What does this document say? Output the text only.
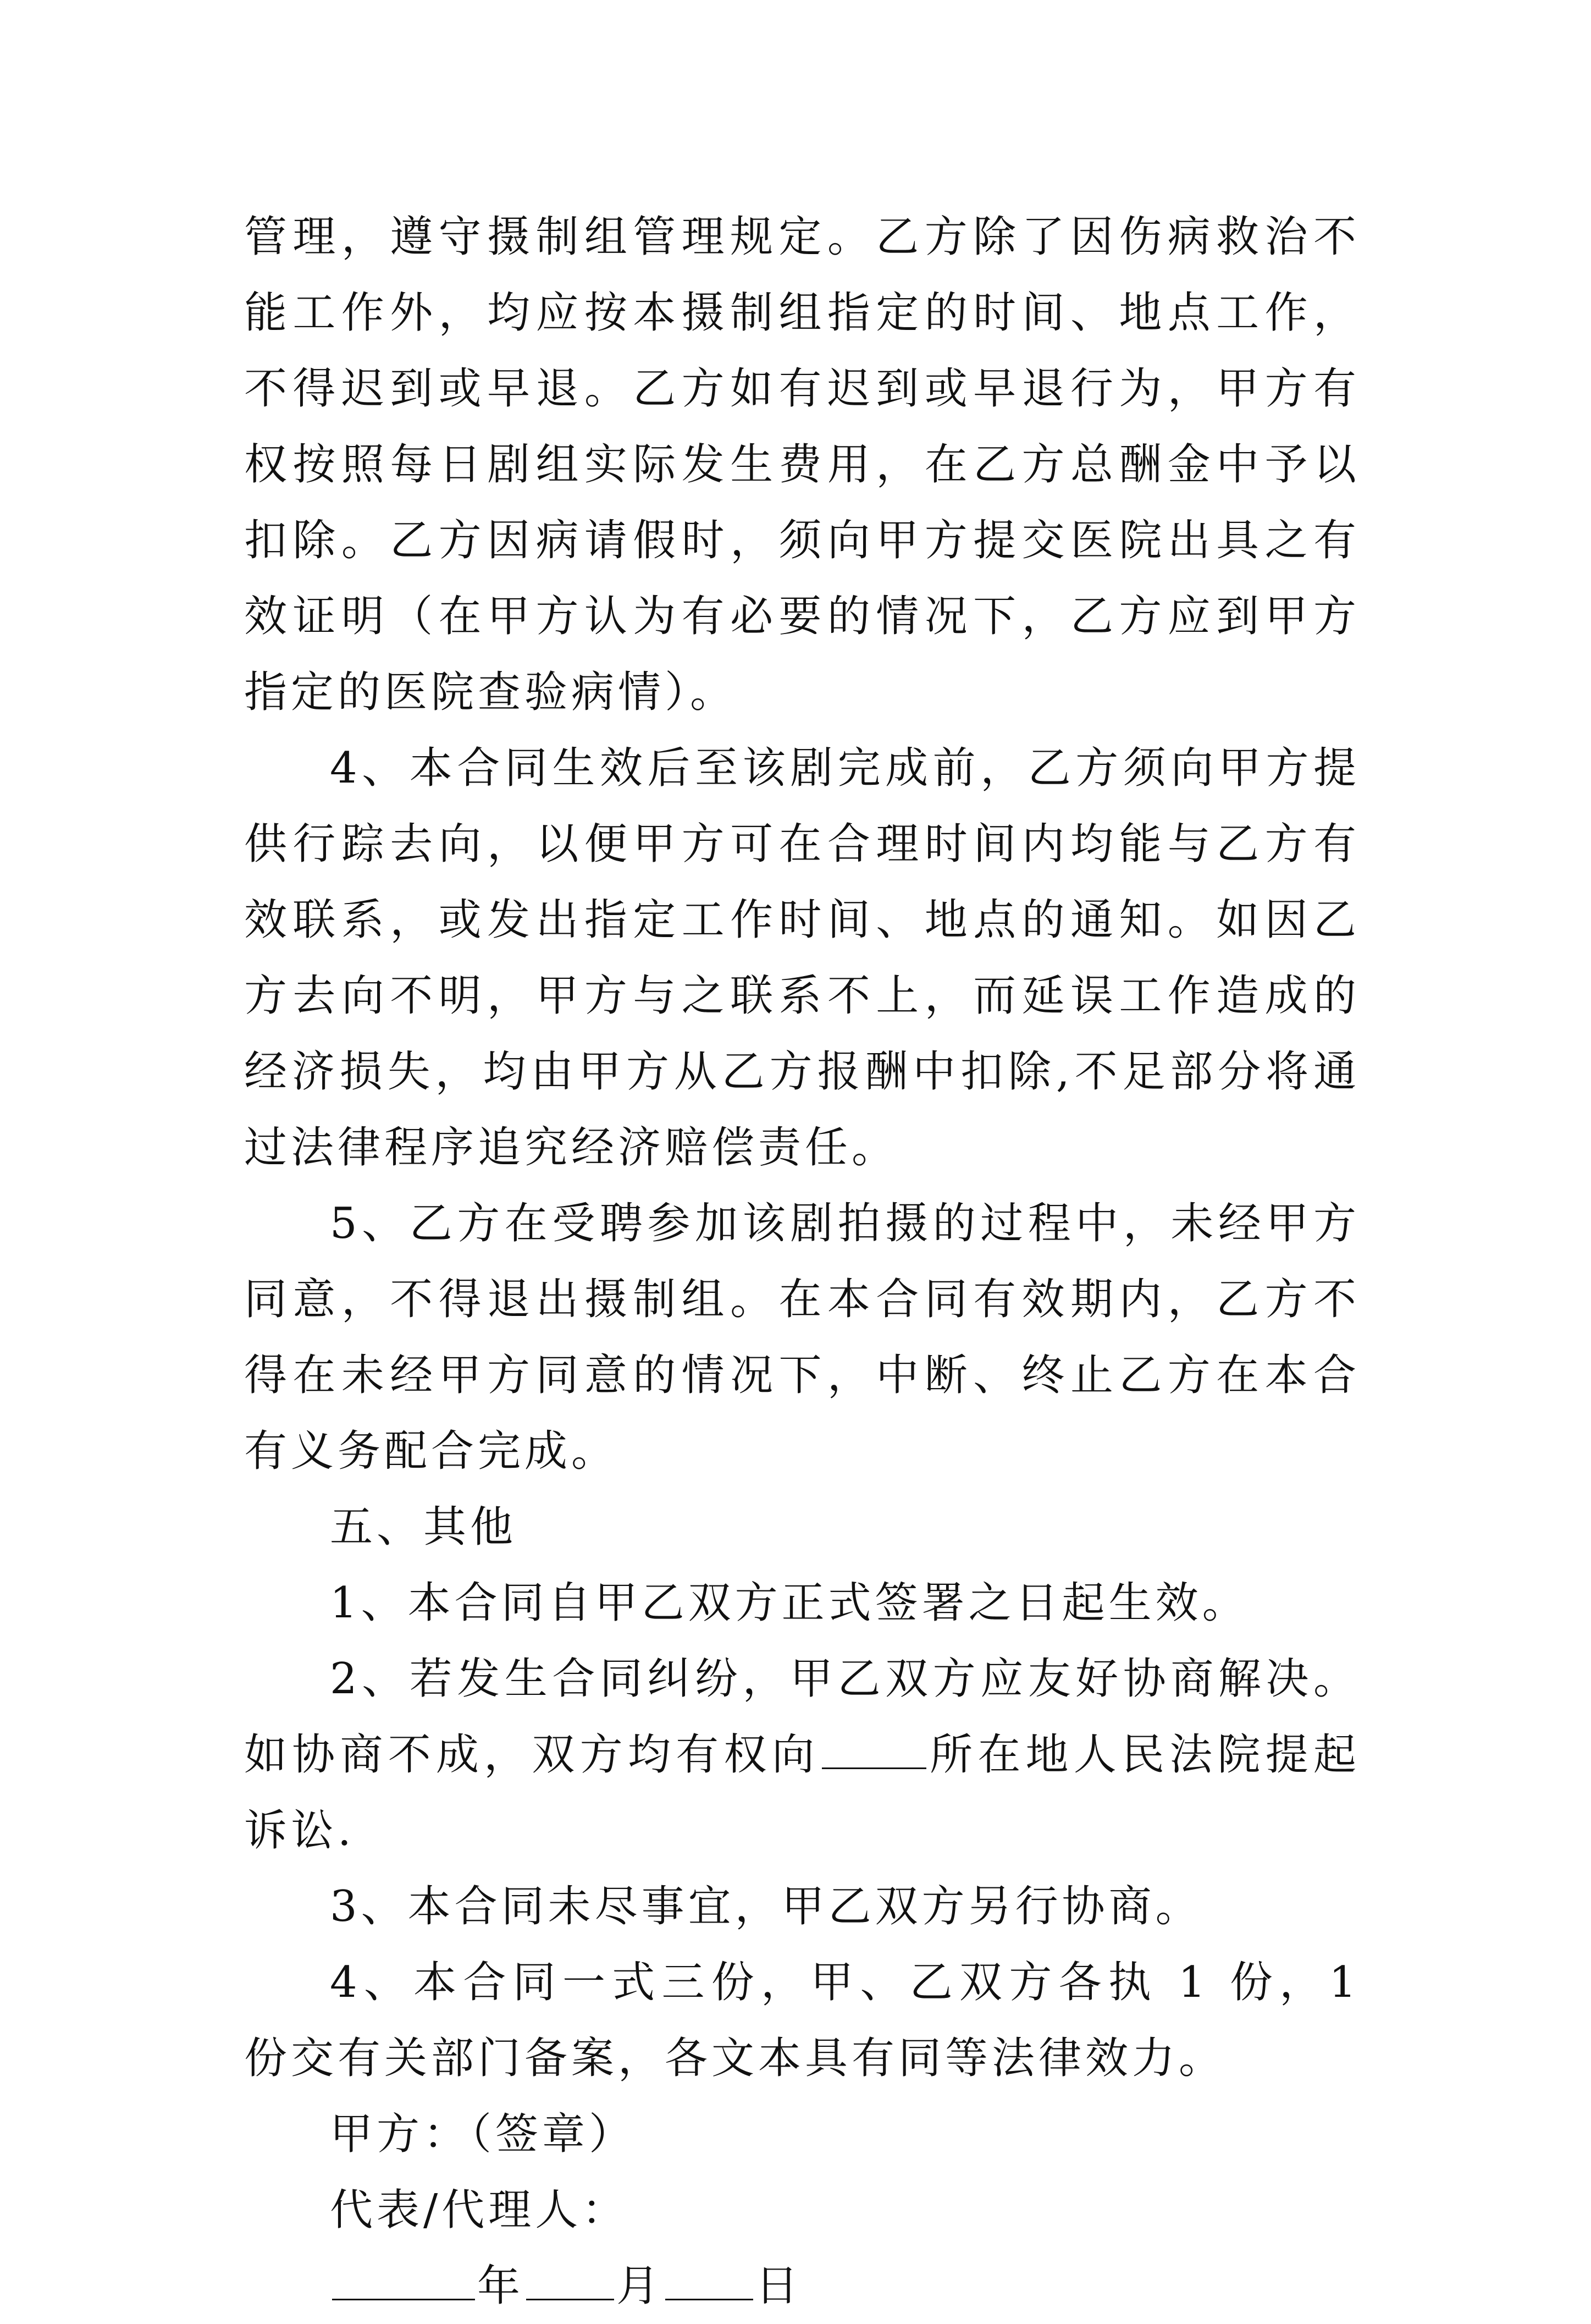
管理，遵守摄制组管理规定。乙方除了因伤病救治不能工作外，均应按本摄制组指定的时间、地点工作，不得迟到或早退。乙方如有迟到或早退行为，甲方有权按照每日剧组实际发生费用，在乙方总酬金中予以扣除。乙方因病请假时，须向甲方提交医院出具之有效证明（在甲方认为有必要的情况下，乙方应到甲方指定的医院查验病情）。

4、本合同生效后至该剧完成前，乙方须向甲方提供行踪去向，以便甲方可在合理时间内均能与乙方有效联系，或发出指定工作时间、地点的通知。如因乙方去向不明，甲方与之联系不上，而延误工作造成的经济损失，均由甲方从乙方报酬中扣除,不足部分将通过法律程序追究经济赔偿责任。

5、乙方在受聘参加该剧拍摄的过程中，未经甲方同意，不得退出摄制组。在本合同有效期内，乙方不得在未经甲方同意的情况下，中断、终止乙方在本合有义务配合完成。

五、其他

1、本合同自甲乙双方正式签署之日起生效。

2、若发生合同纠纷，甲乙双方应友好协商解决。如协商不成，双方均有权向	所在地人民法院提起诉讼.

3、本合同未尽事宜，甲乙双方另行协商。

4、本合同一式三份，甲、乙双方各执 1 份，1 份交有关部门备案，各文本具有同等法律效力。

甲方：（签章）

代表/代理人：

年 月 日
